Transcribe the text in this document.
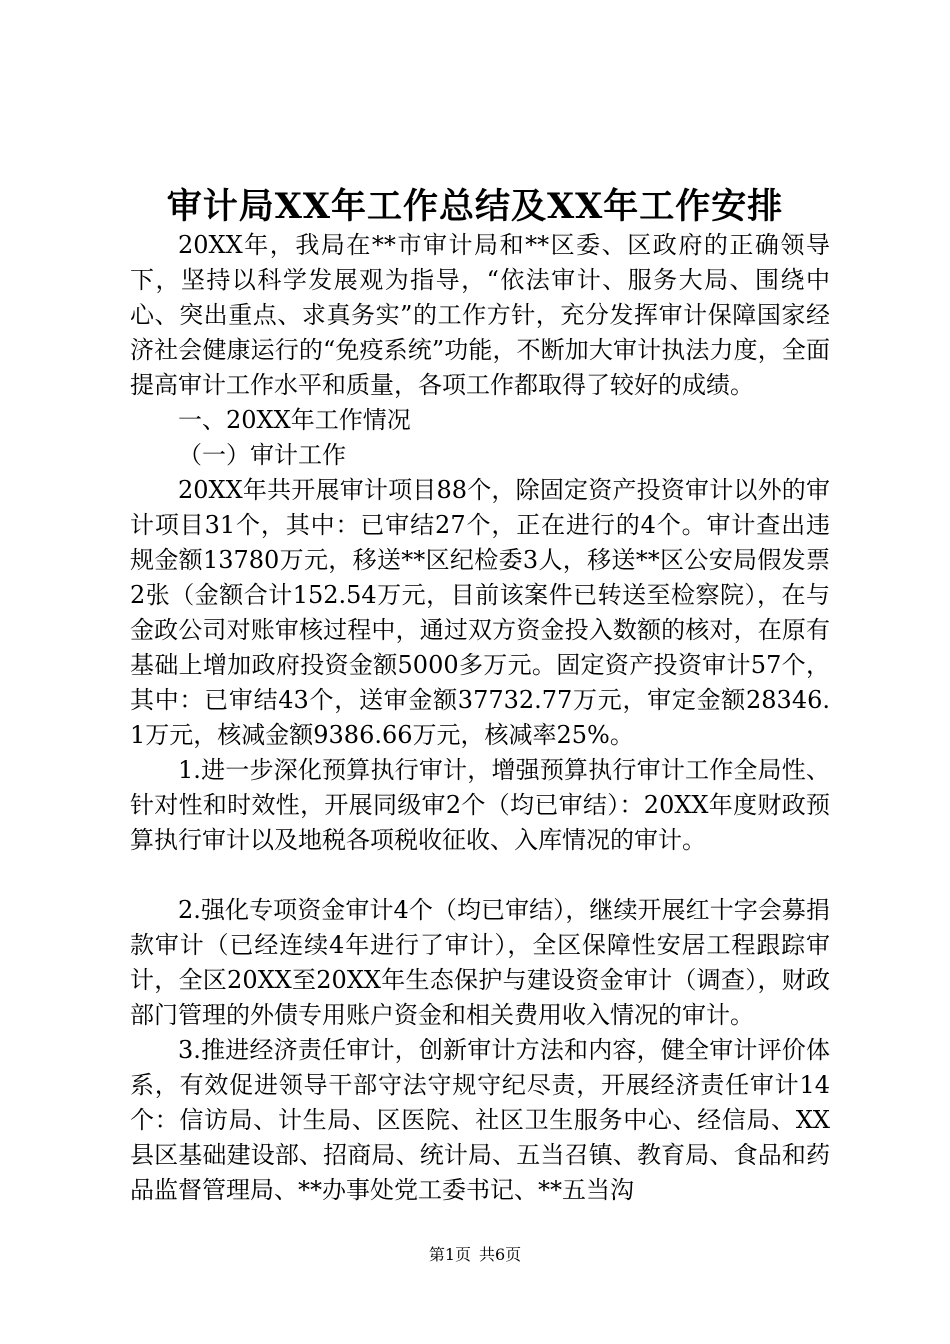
审计局XX年工作总结及XX年工作安排

20XX年，我局在**市审计局和**区委、区政府的正确领导下，坚持以科学发展观为指导，“依法审计、服务大局、围绕中心、突出重点、求真务实”的工作方针，充分发挥审计保障国家经济社会健康运行的“免疫系统”功能，不断加大审计执法力度，全面提高审计工作水平和质量，各项工作都取得了较好的成绩。

一、20XX年工作情况

（一）审计工作

20XX年共开展审计项目88个，除固定资产投资审计以外的审计项目31个，其中：已审结27个，正在进行的4个。审计查出违规金额13780万元，移送**区纪检委3人，移送**区公安局假发票2张（金额合计152.54万元，目前该案件已转送至检察院），在与金政公司对账审核过程中，通过双方资金投入数额的核对，在原有基础上增加政府投资金额5000多万元。固定资产投资审计57个，其中：已审结43个，送审金额37732.77万元，审定金额28346.1万元，核减金额9386.66万元，核减率25%。

1.进一步深化预算执行审计，增强预算执行审计工作全局性、针对性和时效性，开展同级审2个（均已审结）：20XX年度财政预算执行审计以及地税各项税收征收、入库情况的审计。

2.强化专项资金审计4个（均已审结），继续开展红十字会募捐款审计（已经连续4年进行了审计），全区保障性安居工程跟踪审计，全区20XX至20XX年生态保护与建设资金审计（调查），财政部门管理的外债专用账户资金和相关费用收入情况的审计。

3.推进经济责任审计，创新审计方法和内容，健全审计评价体系，有效促进领导干部守法守规守纪尽责，开展经济责任审计14个：信访局、计生局、区医院、社区卫生服务中心、经信局、XX县区基础建设部、招商局、统计局、五当召镇、教育局、食品和药品监督管理局、**办事处党工委书记、**五当沟

第1页 共6页
